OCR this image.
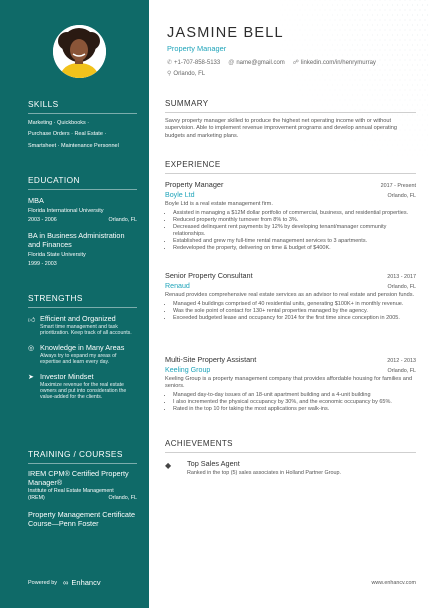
SKILLS
Marketing · Quickbooks ·
Purchase Orders · Real Estate ·
Smartsheet · Maintenance Personnel
EDUCATION
MBA
Florida International University
2003 - 2006	Orlando, FL
BA in Business Administration and Finances
Florida State University
1999 - 2003
STRENGTHS
👍︎ Efficient and Organized
Smart time management and task prioritization. Keep track of all accounts.
◎ Knowledge in Many Areas
Always try to expand my areas of expertise and learn every day.
➤ Investor Mindset
Maximize revenue for the real estate owners and put into consideration the value-added for the clients.
TRAINING / COURSES
IREM CPM® Certified Property Manager®
Institute of Real Estate Management (IREM)	Orlando, FL
Property Management Certificate Course—Penn Foster
Powered by ∞ Enhancv
JASMINE BELL
Property Manager
✆ +1-707-858-5133 @ name@gmail.com ☍ linkedin.com/in/henrymurray
⚲ Orlando, FL
SUMMARY
Savvy property manager skilled to produce the highest net operating income with or without supervision. Able to implement revenue improvement programs and develop annual operating budgets and marketing plans.
EXPERIENCE
Property Manager	2017 - Present
Boyle Ltd	Orlando, FL
Boyle Ltd is a real estate management firm.
• Assisted in managing a $12M dollar portfolio of commercial, business, and residential properties.
• Reduced property monthly turnover from 8% to 3%.
• Decreased delinquent rent payments by 12% by developing tenant/manager community relationships.
• Established and grew my full-time rental management services to 3 apartments.
• Redeveloped the property, delivering on time & budget of $400K.
Senior Property Consultant	2013 - 2017
Renaud	Orlando, FL
Renaud provides comprehensive real estate services as an advisor to real estate and pension funds.
• Managed 4 buildings comprised of 40 residential units, generating $100K+ in monthly revenue.
• Was the sole point of contact for 130+ rental properties managed by the agency.
• Exceeded budgeted lease and occupancy for 2014 for the first time since conception in 2005.
Multi-Site Property Assistant	2012 - 2013
Keeling Group	Orlando, FL
Keeling Group is a property management company that provides affordable housing for families and seniors.
• Managed day-to-day issues of an 18-unit apartment building and a 4-unit building
• I also incremented the physical occupancy by 30%, and the economic occupancy by 65%.
• Rated in the top 10 for taking the most applications per walk-ins.
ACHIEVEMENTS
◆	Top Sales Agent
Ranked in the top (5) sales associates in Holland Partner Group.
www.enhancv.com
